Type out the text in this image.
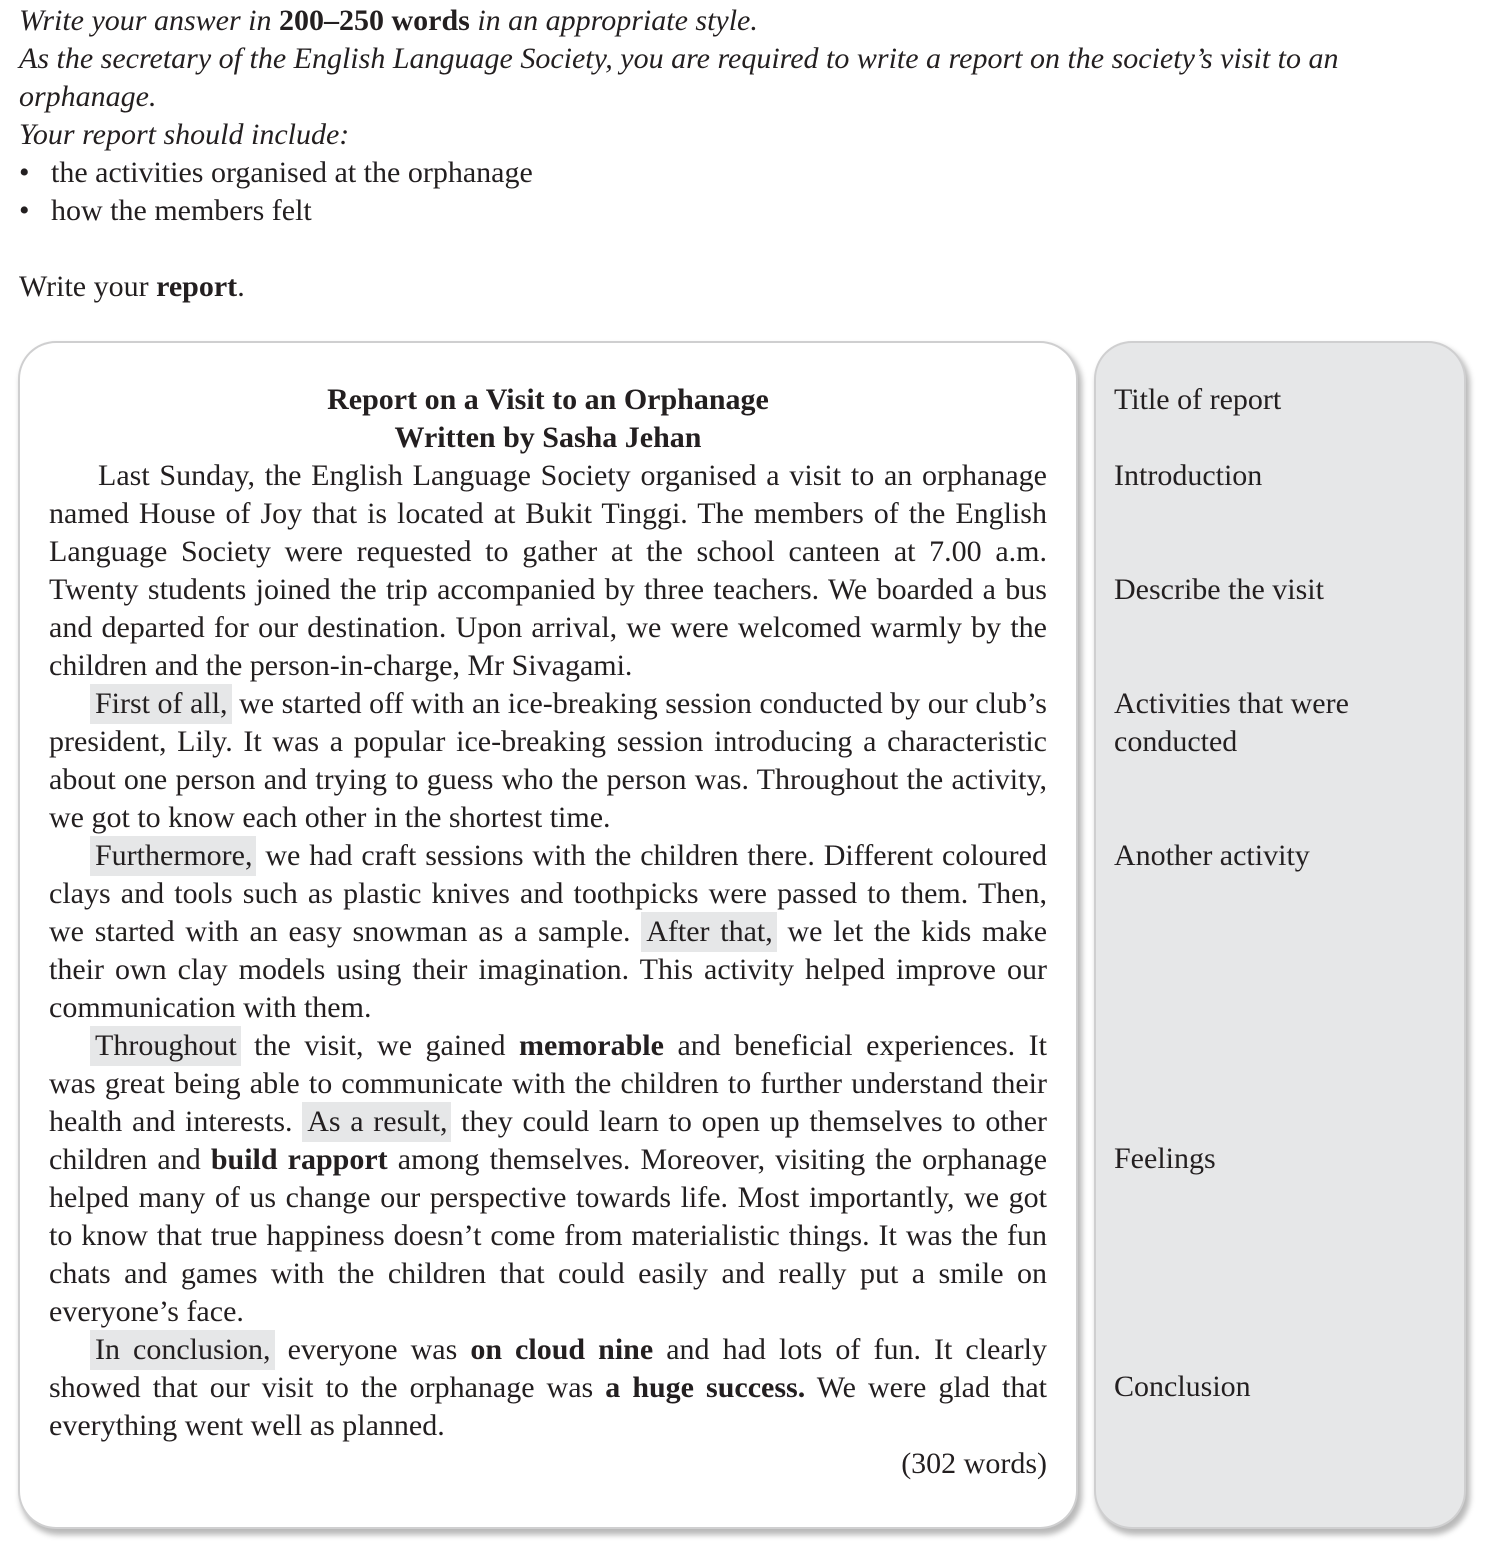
Write your answer in 200–250 words in an appropriate style.

As the secretary of the English Language Society, you are required to write a report on the society’s visit to an orphanage.

Your report should include:

• the activities organised at the orphanage
• how the members felt

Write your report.

Report on a Visit to an Orphanage

Written by Sasha Jehan

Last Sunday, the English Language Society organised a visit to an orphanage named House of Joy that is located at Bukit Tinggi. The members of the English Language Society were requested to gather at the school canteen at 7.00 a.m. Twenty students joined the trip accompanied by three teachers. We boarded a bus and departed for our destination. Upon arrival, we were welcomed warmly by the children and the person-in-charge, Mr Sivagami.

First of all, we started off with an ice-breaking session conducted by our club’s president, Lily. It was a popular ice-breaking session introducing a characteristic about one person and trying to guess who the person was. Throughout the activity, we got to know each other in the shortest time.

Furthermore, we had craft sessions with the children there. Different coloured clays and tools such as plastic knives and toothpicks were passed to them. Then, we started with an easy snowman as a sample. After that, we let the kids make their own clay models using their imagination. This activity helped improve our communication with them.

Throughout the visit, we gained memorable and beneficial experiences. It was great being able to communicate with the children to further understand their health and interests. As a result, they could learn to open up themselves to other children and build rapport among themselves. Moreover, visiting the orphanage helped many of us change our perspective towards life. Most importantly, we got to know that true happiness doesn’t come from materialistic things. It was the fun chats and games with the children that could easily and really put a smile on everyone’s face.

In conclusion, everyone was on cloud nine and had lots of fun. It clearly showed that our visit to the orphanage was a huge success. We were glad that everything went well as planned.

(302 words)

Title of report

Introduction

Describe the visit

Activities that were conducted

Another activity

Feelings

Conclusion
